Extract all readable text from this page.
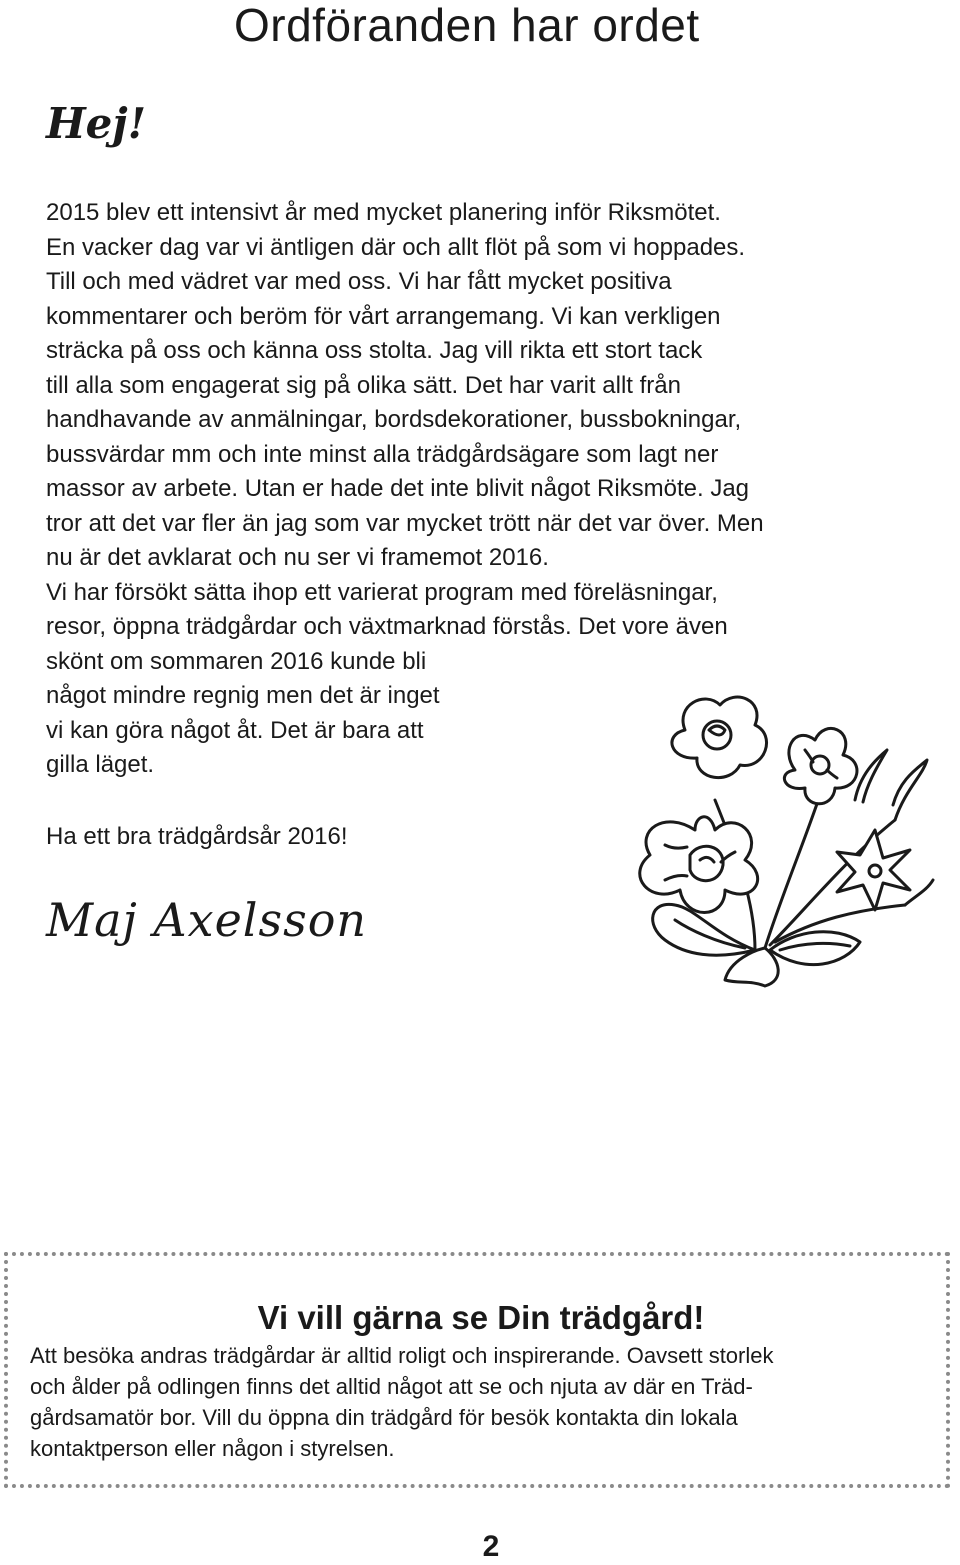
Ordföranden har ordet
Hej!
2015 blev ett intensivt år med mycket planering inför Riksmötet.
En vacker dag var vi äntligen där och allt flöt på som vi hoppades.
Till och med vädret var med oss. Vi har fått mycket positiva
kommentarer och beröm för vårt arrangemang. Vi kan verkligen
sträcka på oss och känna oss stolta. Jag vill rikta ett stort tack
till alla som engagerat sig på olika sätt. Det har varit allt från
handhavande av anmälningar, bordsdekorationer, bussbokningar,
bussvärdar mm och inte minst alla trädgårdsägare som lagt ner
massor av arbete. Utan er hade det inte blivit något Riksmöte. Jag
tror att det var fler än jag som var mycket trött när det var över. Men
nu är det avklarat och nu ser vi framemot 2016.
Vi har försökt sätta ihop ett varierat program med föreläsningar,
resor, öppna trädgårdar och växtmarknad förstås. Det vore även
skönt om sommaren 2016 kunde bli
något mindre regnig men det är inget
vi kan göra något åt. Det är bara att
gilla läget.
Ha ett bra trädgårdsår 2016!
Maj Axelsson
Vi vill gärna se Din trädgård!
Att besöka andras trädgårdar är alltid roligt och inspirerande. Oavsett storlek
och ålder på odlingen finns det alltid något att se och njuta av där en Träd-
gårdsamatör bor. Vill du öppna din trädgård för besök kontakta din lokala
kontaktperson eller någon i styrelsen.
2
